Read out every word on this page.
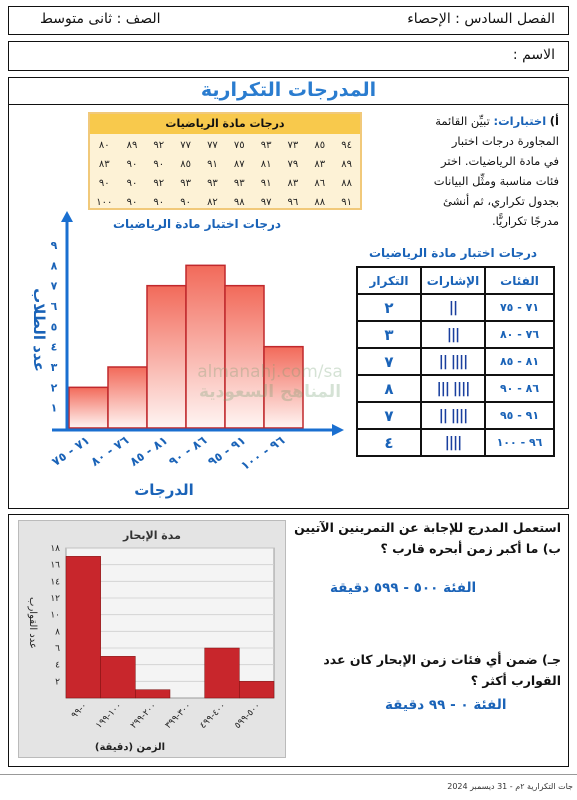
الفصل السادس : الإحصاء
الصف : ثانى متوسط
الاسم :
المدرجات التكرارية
أ) اختبارات: تبيِّن القائمة
المجاورة درجات اختبار
في مادة الرياضيات. اختر
فئات مناسبة ومثِّل البيانات
بجدول تكراري، ثم أنشئ
مدرجًا تكراريًّا.
درجات مادة الرياضيات
٩٤	٨٥	٧٣	٩٣	٧٥	٧٧	٧٧	٩٢	٨٩	٨٠
٨٩	٨٣	٧٩	٨١	٨٧	٩١	٨٥	٩٠	٩٠	٨٣
٨٨	٨٦	٨٣	٩١	٩٣	٩٣	٩٣	٩٢	٩٠	٩٠
٩١	٨٨	٩٦	٩٧	٩٨	٨٢	٩٠	٩٠	٩٠	١٠٠
درجات اختبار مادة الرياضيات
١
٢
٣
٤
٥
٦
٧
٨
٩
٧١ - ٧٥
٧٦ - ٨٠
٨١ - ٨٥
٨٦ - ٩٠
٩١ - ٩٥
٩٦ - ١٠٠
عدد الطلاب
الدرجات
درجات اختبار مادة الرياضيات
الفئات	الإشارات	التكرار
٧١ - ٧٥	||	٢
٧٦ - ٨٠	|||	٣
٨١ - ٨٥	|||| ||	٧
٨٦ - ٩٠	|||| |||	٨
٩١ - ٩٥	|||| ||	٧
٩٦ - ١٠٠	||||	٤
almanahj.com/sa
المناهج السعودية
مدة الإبحار
٢
٤
٦
٨
١٠
١٢
١٤
١٦
١٨
٠-٩٩
١٠٠-١٩٩
٢٠٠-٢٩٩
٣٠٠-٣٩٩
٤٠٠-٤٩٩
٥٠٠-٥٩٩
عدد القوارب
الزمن (دقيقة)
استعمل المدرج للإجابة عن التمرينين الآتيين
ب) ما أكبر زمن أبحره قارب ؟
الفئة ٥٠٠ - ٥٩٩ دقيقة
جـ) ضمن أي فئات زمن الإبحار كان عدد
القوارب أكثر ؟
الفئة ٠ - ٩٩ دقيقة
جات التكرارية ٢م - 31 ديسمبر 2024
